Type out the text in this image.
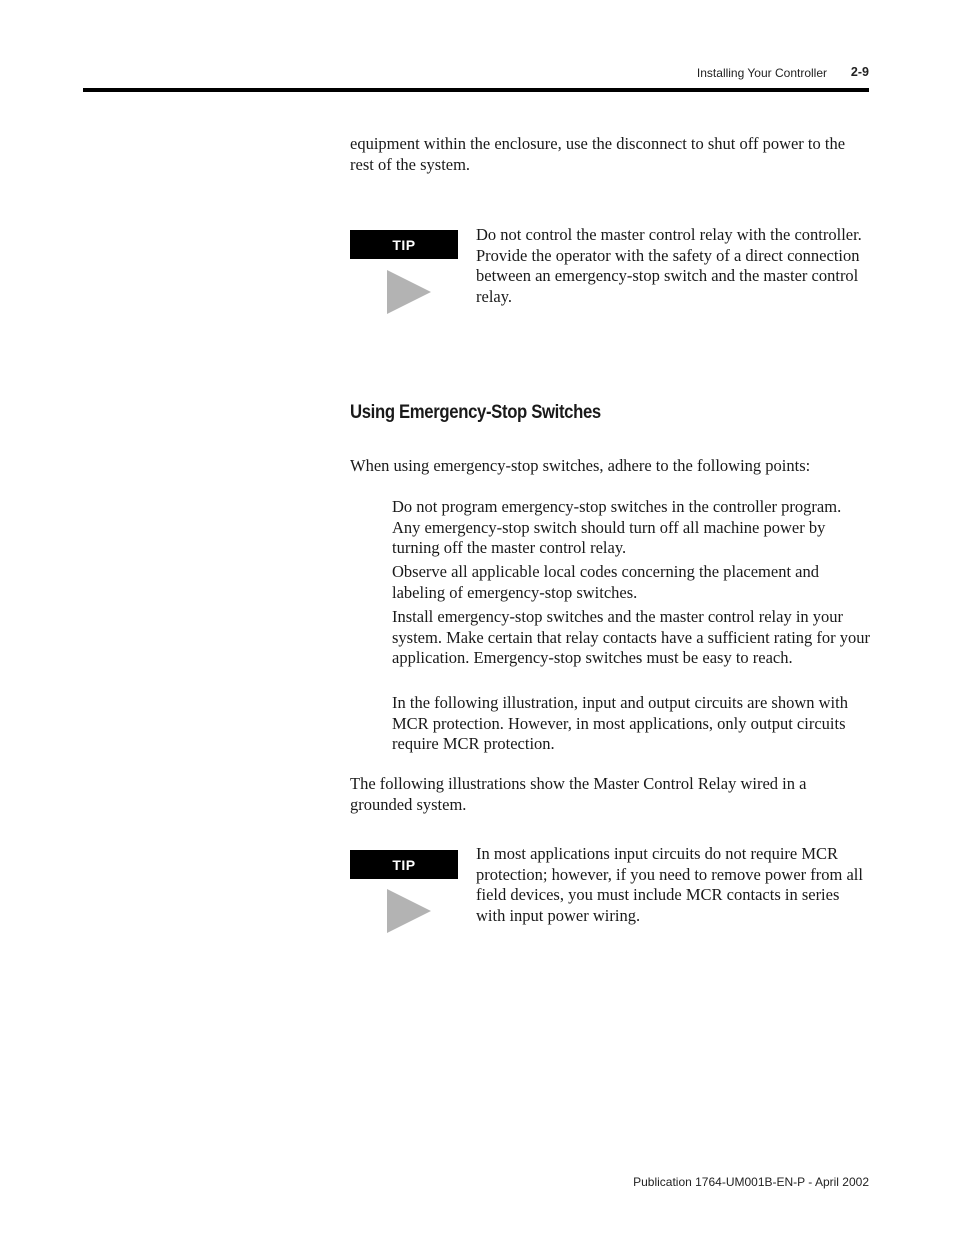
Installing Your Controller 2-9

equipment within the enclosure, use the disconnect to shut off power to the rest of the system.

TIP

Do not control the master control relay with the controller. Provide the operator with the safety of a direct connection between an emergency-stop switch and the master control relay.

Using Emergency-Stop Switches

When using emergency-stop switches, adhere to the following points:

Do not program emergency-stop switches in the controller program. Any emergency-stop switch should turn off all machine power by turning off the master control relay.

Observe all applicable local codes concerning the placement and labeling of emergency-stop switches.

Install emergency-stop switches and the master control relay in your system. Make certain that relay contacts have a sufficient rating for your application. Emergency-stop switches must be easy to reach.

In the following illustration, input and output circuits are shown with MCR protection. However, in most applications, only output circuits require MCR protection.

The following illustrations show the Master Control Relay wired in a grounded system.

TIP

In most applications input circuits do not require MCR protection; however, if you need to remove power from all field devices, you must include MCR contacts in series with input power wiring.

Publication 1764-UM001B-EN-P - April 2002
